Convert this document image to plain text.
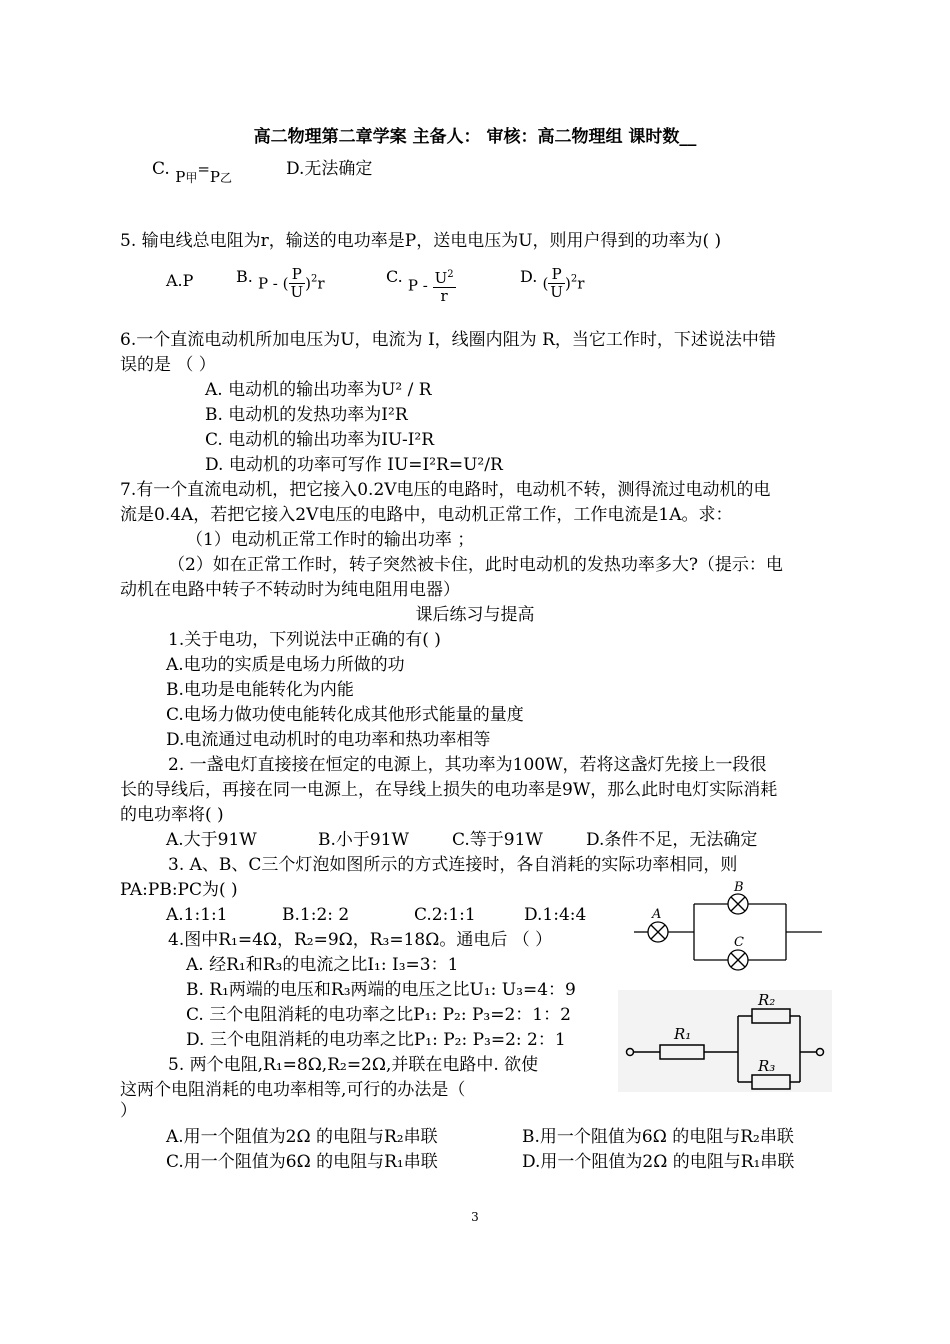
高二物理第二章学案 主备人： 审核：高二物理组 课时数__
C. P甲=P乙	D.无法确定
5. 输电线总电阻为r，输送的电功率是P，送电电压为U，则用户得到的功率为( )
A.P	B. P - ( $\frac{P}{U} )^2r$	C. P - $\frac{U^2}{r}$	D. ( $\frac{P}{U} )^2r$
6.一个直流电动机所加电压为U，电流为 I，线圈内阻为 R，当它工作时，下述说法中错
误的是 （ ）
A. 电动机的输出功率为U² / R
B. 电动机的发热功率为I²R
C. 电动机的输出功率为IU-I²R
D. 电动机的功率可写作 IU=I²R=U²/R
7.有一个直流电动机，把它接入0.2V电压的电路时，电动机不转，测得流过电动机的电
流是0.4A，若把它接入2V电压的电路中，电动机正常工作，工作电流是1A。求：
（1）电动机正常工作时的输出功率 ；
（2）如在正常工作时，转子突然被卡住，此时电动机的发热功率多大?（提示：电
动机在电路中转子不转动时为纯电阻用电器）
课后练习与提高
1.关于电功，下列说法中正确的有( )
A.电功的实质是电场力所做的功
B.电功是电能转化为内能
C.电场力做功使电能转化成其他形式能量的量度
D.电流通过电动机时的电功率和热功率相等
2. 一盏电灯直接接在恒定的电源上，其功率为100W，若将这盏灯先接上一段很
长的导线后，再接在同一电源上，在导线上损失的电功率是9W，那么此时电灯实际消耗
的电功率将( )
A.大于91W	B.小于91W	C.等于91W	D.条件不足，无法确定
3. A、B、C三个灯泡如图所示的方式连接时，各自消耗的实际功率相同，则
PA:PB:PC为( )
A.1:1:1	B.1:2: 2	C.2:1:1	D.1:4:4	A
B
C
4.图中R₁=4Ω，R₂=9Ω，R₃=18Ω。通电后 （ ）
A. 经R₁和R₃的电流之比I₁: I₃=3：1
B. R₁两端的电压和R₃两端的电压之比U₁: U₃=4：9
C. 三个电阻消耗的电功率之比P₁: P₂: P₃=2：1：2
D. 三个电阻消耗的电功率之比P₁: P₂: P₃=2: 2：1	R₁
R₂
R₃
5. 两个电阻,R₁=8Ω,R₂=2Ω,并联在电路中. 欲使
这两个电阻消耗的电功率相等,可行的办法是（
）
A.用一个阻值为2Ω 的电阻与R₂串联	B.用一个阻值为6Ω 的电阻与R₂串联
C.用一个阻值为6Ω 的电阻与R₁串联	D.用一个阻值为2Ω 的电阻与R₁串联
3
